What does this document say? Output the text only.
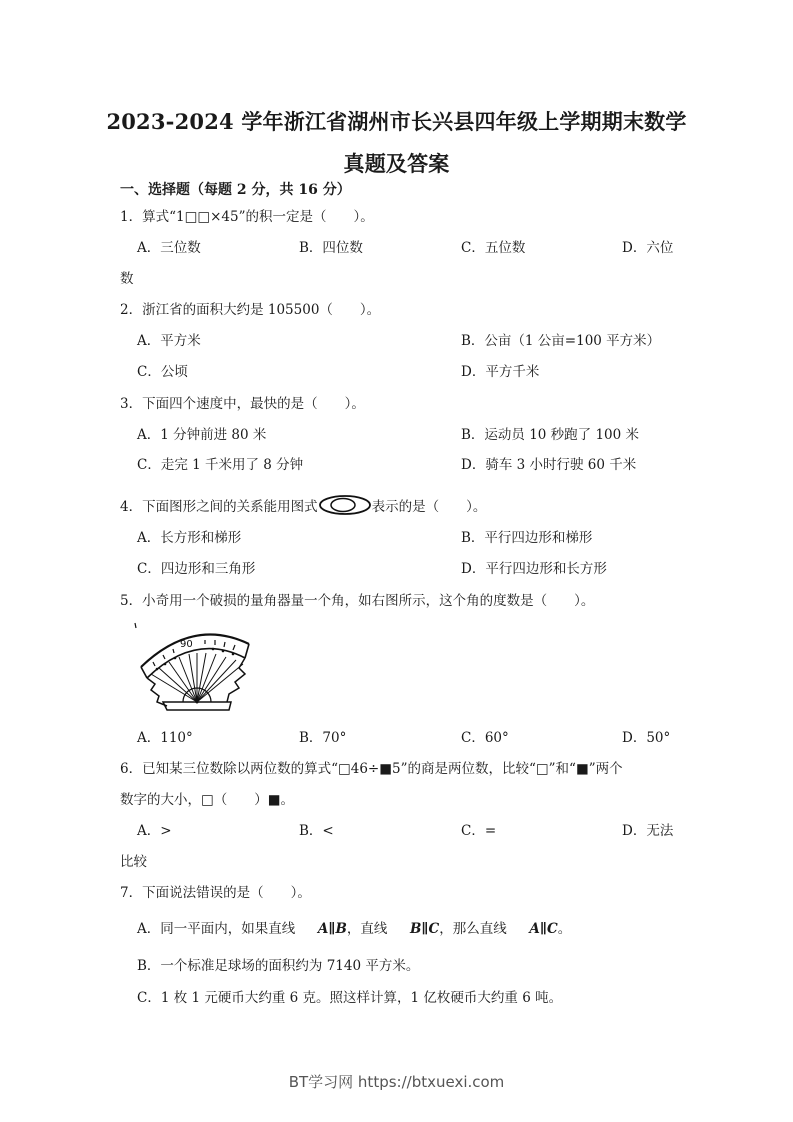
2023-2024 学年浙江省湖州市长兴县四年级上学期期末数学
真题及答案
一、选择题（每题 2 分，共 16 分）
1．算式“1□□×45”的积一定是（　　）。
A．三位数	B．四位数	C．五位数	D．六位
数
2．浙江省的面积大约是 105500（　　）。
A．平方米	B．公亩（1 公亩=100 平方米）
C．公顷	D．平方千米
3．下面四个速度中，最快的是（　　）。
A．1 分钟前进 80 米	B．运动员 10 秒跑了 100 米
C．走完 1 千米用了 8 分钟	D．骑车 3 小时行驶 60 千米
4．下面图形之间的关系能用图式	表示的是（　　）。
A．长方形和梯形	B．平行四边形和梯形
C．四边形和三角形	D．平行四边形和长方形
5．小奇用一个破损的量角器量一个角，如右图所示，这个角的度数是（　　）。
90
A．110°	B．70°	C．60°	D．50°
6．已知某三位数除以两位数的算式“□46÷■5”的商是两位数，比较“□”和“■”两个
数字的大小，□（　　）■。
A．>	B．<	C．=	D．无法
比较
7．下面说法错误的是（　　）。
A．同一平面内，如果直线 A∥B，直线 B∥C，那么直线 A∥C。
B．一个标准足球场的面积约为 7140 平方米。
C．1 枚 1 元硬币大约重 6 克。照这样计算，1 亿枚硬币大约重 6 吨。
BT学习网 https://btxuexi.com
